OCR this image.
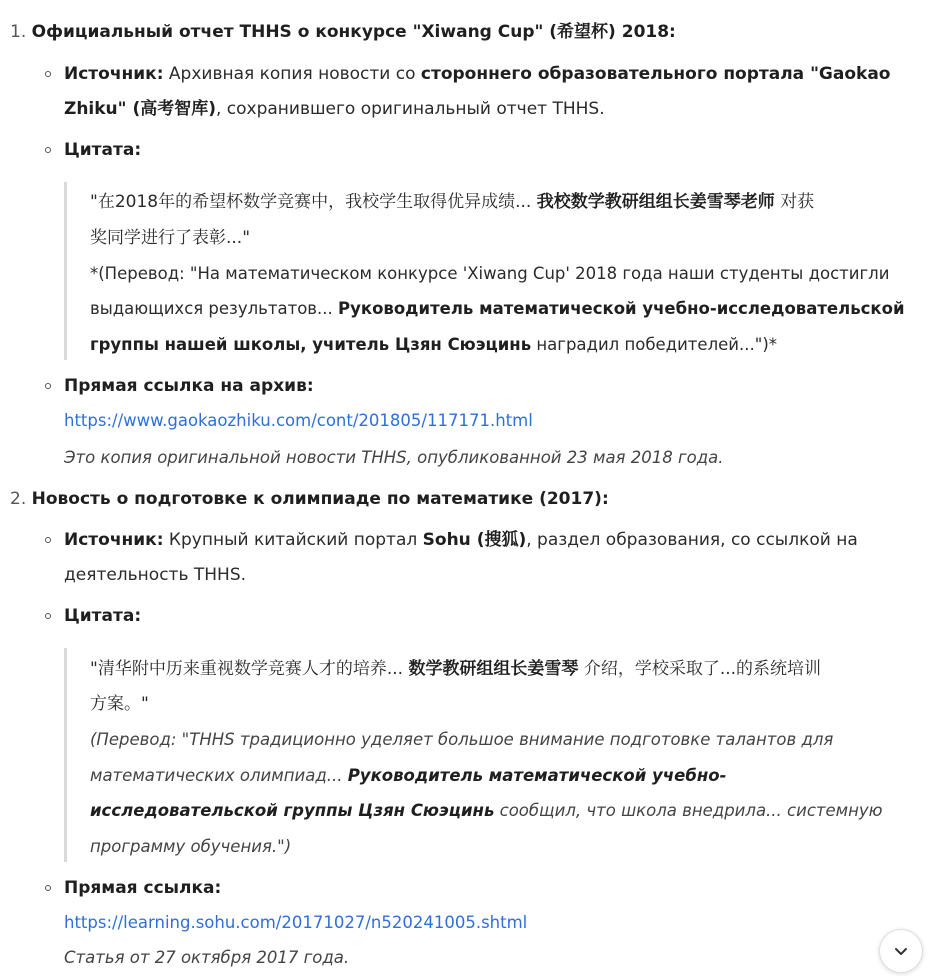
1. Официальный отчет THHS о конкурсе "Xiwang Cup" (希望杯) 2018:
Источник: Архивная копия новости со стороннего образовательного портала "Gaokao
Zhiku" (高考智库), сохранившего оригинальный отчет THHS.
Цитата:
"在2018年的希望杯数学竞赛中，我校学生取得优异成绩... 我校数学教研组组长姜雪琴老师 对获
奖同学进行了表彰..."
*(Перевод: "На математическом конкурсе 'Xiwang Cup' 2018 года наши студенты достигли
выдающихся результатов... Руководитель математической учебно-исследовательской
группы нашей школы, учитель Цзян Сюэцинь наградил победителей...")*
Прямая ссылка на архив:
https://www.gaokaozhiku.com/cont/201805/117171.html
Это копия оригинальной новости THHS, опубликованной 23 мая 2018 года.
2. Новость о подготовке к олимпиаде по математике (2017):
Источник: Крупный китайский портал Sohu (搜狐), раздел образования, со ссылкой на
деятельность THHS.
Цитата:
"清华附中历来重视数学竞赛人才的培养... 数学教研组组长姜雪琴 介绍，学校采取了...的系统培训
方案。"
(Перевод: "THHS традиционно уделяет большое внимание подготовке талантов для
математических олимпиад... Руководитель математической учебно-
исследовательской группы Цзян Сюэцинь сообщил, что школа внедрила... системную
программу обучения.")
Прямая ссылка:
https://learning.sohu.com/20171027/n520241005.shtml
Статья от 27 октября 2017 года.
